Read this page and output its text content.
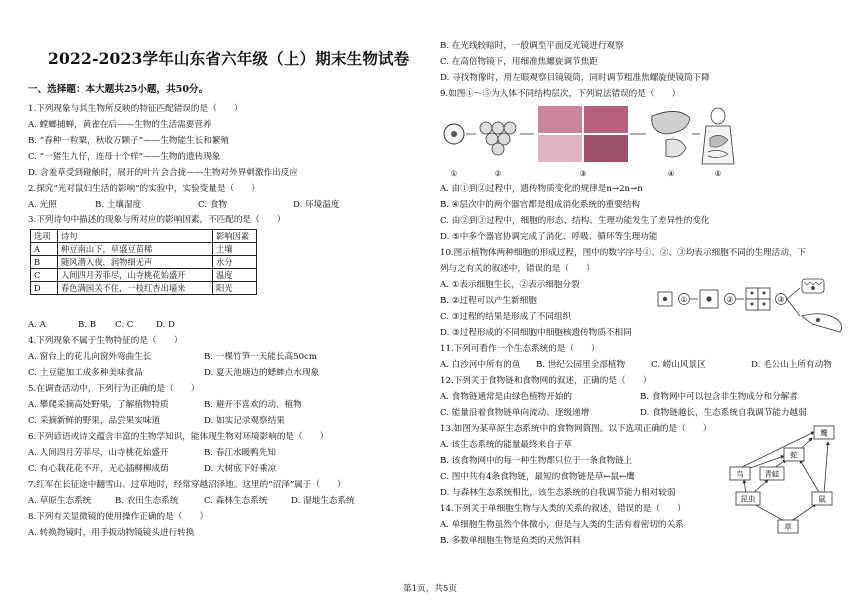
2022-2023学年山东省六年级（上）期末生物试卷
一、选择题：本大题共25小题，共50分。
1.下列现象与其生物所反映的特征匹配错误的是（　　）
A. 螳螂捕蝉，黄雀在后——生物的生活需要营养
B. “春种一粒粟，秋收万颗子”——生物能生长和繁殖
C. “一猪生九仔，连母十个样”——生物的遗传现象
D. 含羞草受到碰触时，展开的叶片会合拢——生物对外界刺激作出反应
2.探究“光对鼠妇生活的影响”的实验中，实验变量是（　　）
A. 光照	B. 土壤湿度	C. 食物	D. 环境温度
3.下列诗句中描述的现象与所对应的影响因素，不匹配的是（　　）
选项	诗句	影响因素
A	种豆南山下，草盛豆苗稀	土壤
B	随风潜入夜，润物细无声	水分
C	人间四月芳菲尽，山寺桃花始盛开	温度
D	春色满园关不住，一枝红杏出墙来	阳光
A. A	B. B C. C	D. D
4.下列现象不属于生物特征的是（　　）
A. 窗台上的花儿向窗外弯曲生长	B. 一棵竹笋一天能长高50cm
C. 土豆能加工成多种美味食品	D. 夏天池塘边的蟋蟀点水现象
5.在调查活动中，下列行为正确的是（　　）
A. 攀爬采摘高处野果，了解植物特质	B. 避开不喜欢的动、植物
C. 采摘新鲜的野果，品尝果实味道	D. 如实记录观察结果
6.下列谚语或诗文蕴含丰富的生物学知识，能体现生物对环境影响的是（　　）
A. 人间四月芳菲尽，山寺桃花始盛开	B. 春江水暖鸭先知
C. 有心栽花花不开，无心插柳柳成荫	D. 大树底下好乘凉
7.红军在长征途中翻雪山、过草地时，经常穿越沼泽地。这里的“沼泽”属于（　　）
A. 草原生态系统	B. 农田生态系统	C. 森林生态系统	D. 湿地生态系统
8.下列有关显微镜的使用操作正确的是（　　）
A. 转换物镜时，用手扳动物镜镜头进行转换
B. 在光线较暗时，一般调至平面反光镜进行观察
C. 在高倍物镜下，用细准焦螺旋调节焦距
D. 寻找物像时，用左眼观察目镜镜筒，同时调节粗准焦螺旋使镜筒下降
9.如图①～⑤为人体不同结构层次，下列说法错误的是（　　）
①	②	③	④	⑤
A. 由①到②过程中，遗传物质变化的规律是n→2n→n
B. ④层次中的两个器官都是组成消化系统的重要结构
C. 由②到③过程中，细胞的形态、结构、生理功能发生了差异性的变化
D. ⑤中多个器官协调完成了消化、呼吸、循环等生理功能
10.图示植物体两种细胞的形成过程，图中的数字序号①、②、③均表示细胞不同的生理活动，下
列与之有关的叙述中，错误的是（　　）
A. ①表示细胞生长，②表示细胞分裂
B. ②过程可以产生新细胞
C. ③过程的结果是形成了不同组织
D. ③过程形成的不同细胞中细胞核遗传物质不相同
①	②	③
11.下列可看作一个生态系统的是（　　）
A. 白沙河中所有的鱼 B. 世纪公园里全部植物	C. 崂山风景区	D. 毛公山上所有动物
12.下列关于食物链和食物网的叙述，正确的是（　　）
A. 食物链通常是由绿色植物开始的	B. 食物网中可以包含非生物成分和分解者
C. 能量沿着食物链单向流动、逐级递增	D. 食物链越长，生态系统自我调节能力越弱
13.如图为某草原生态系统中的食物网简图。以下选项正确的是（　　）
A. 该生态系统的能量最终来自于草
B. 该食物网中的每一种生物都只位于一条食物链上
C. 图中共有4条食物链，最短的食物链是草←鼠←鹰
D. 与森林生态系统相比，该生态系统的自我调节能力相对较弱
14.下列关于单细胞生物与人类的关系的叙述，错误的是（　　）
A. 单细胞生物虽然个体微小，但是与人类的生活有着密切的关系
B. 多数单细胞生物是鱼类的天然饵料
鹰
蛇
鸟	青蛙
昆虫	鼠
草
第1页，共5页
